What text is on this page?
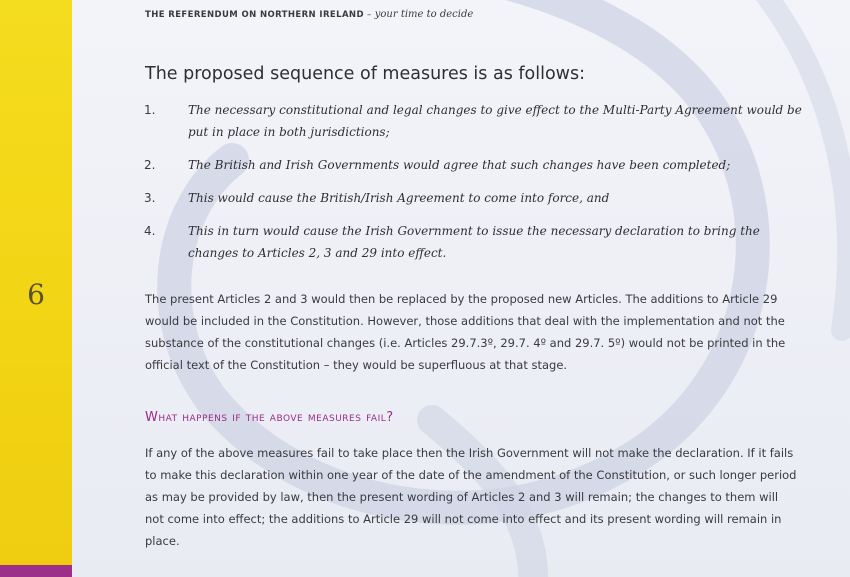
6
THE REFERENDUM ON NORTHERN IRELAND – your time to decide
The proposed sequence of measures is as follows:
1.	The necessary constitutional and legal changes to give effect to the Multi-Party Agreement would be put in place in both jurisdictions;
2.	The British and Irish Governments would agree that such changes have been completed;
3.	This would cause the British/Irish Agreement to come into force, and
4.	This in turn would cause the Irish Government to issue the necessary declaration to bring the changes to Articles 2, 3 and 29 into effect.
The present Articles 2 and 3 would then be replaced by the proposed new Articles. The additions to Article 29 would be included in the Constitution. However, those additions that deal with the implementation and not the substance of the constitutional changes (i.e. Articles 29.7.3º, 29.7. 4º and 29.7. 5º) would not be printed in the official text of the Constitution – they would be superfluous at that stage.
What happens if the above measures fail?
If any of the above measures fail to take place then the Irish Government will not make the declaration. If it fails to make this declaration within one year of the date of the amendment of the Constitution, or such longer period as may be provided by law, then the present wording of Articles 2 and 3 will remain; the changes to them will not come into effect; the additions to Article 29 will not come into effect and its present wording will remain in place.
